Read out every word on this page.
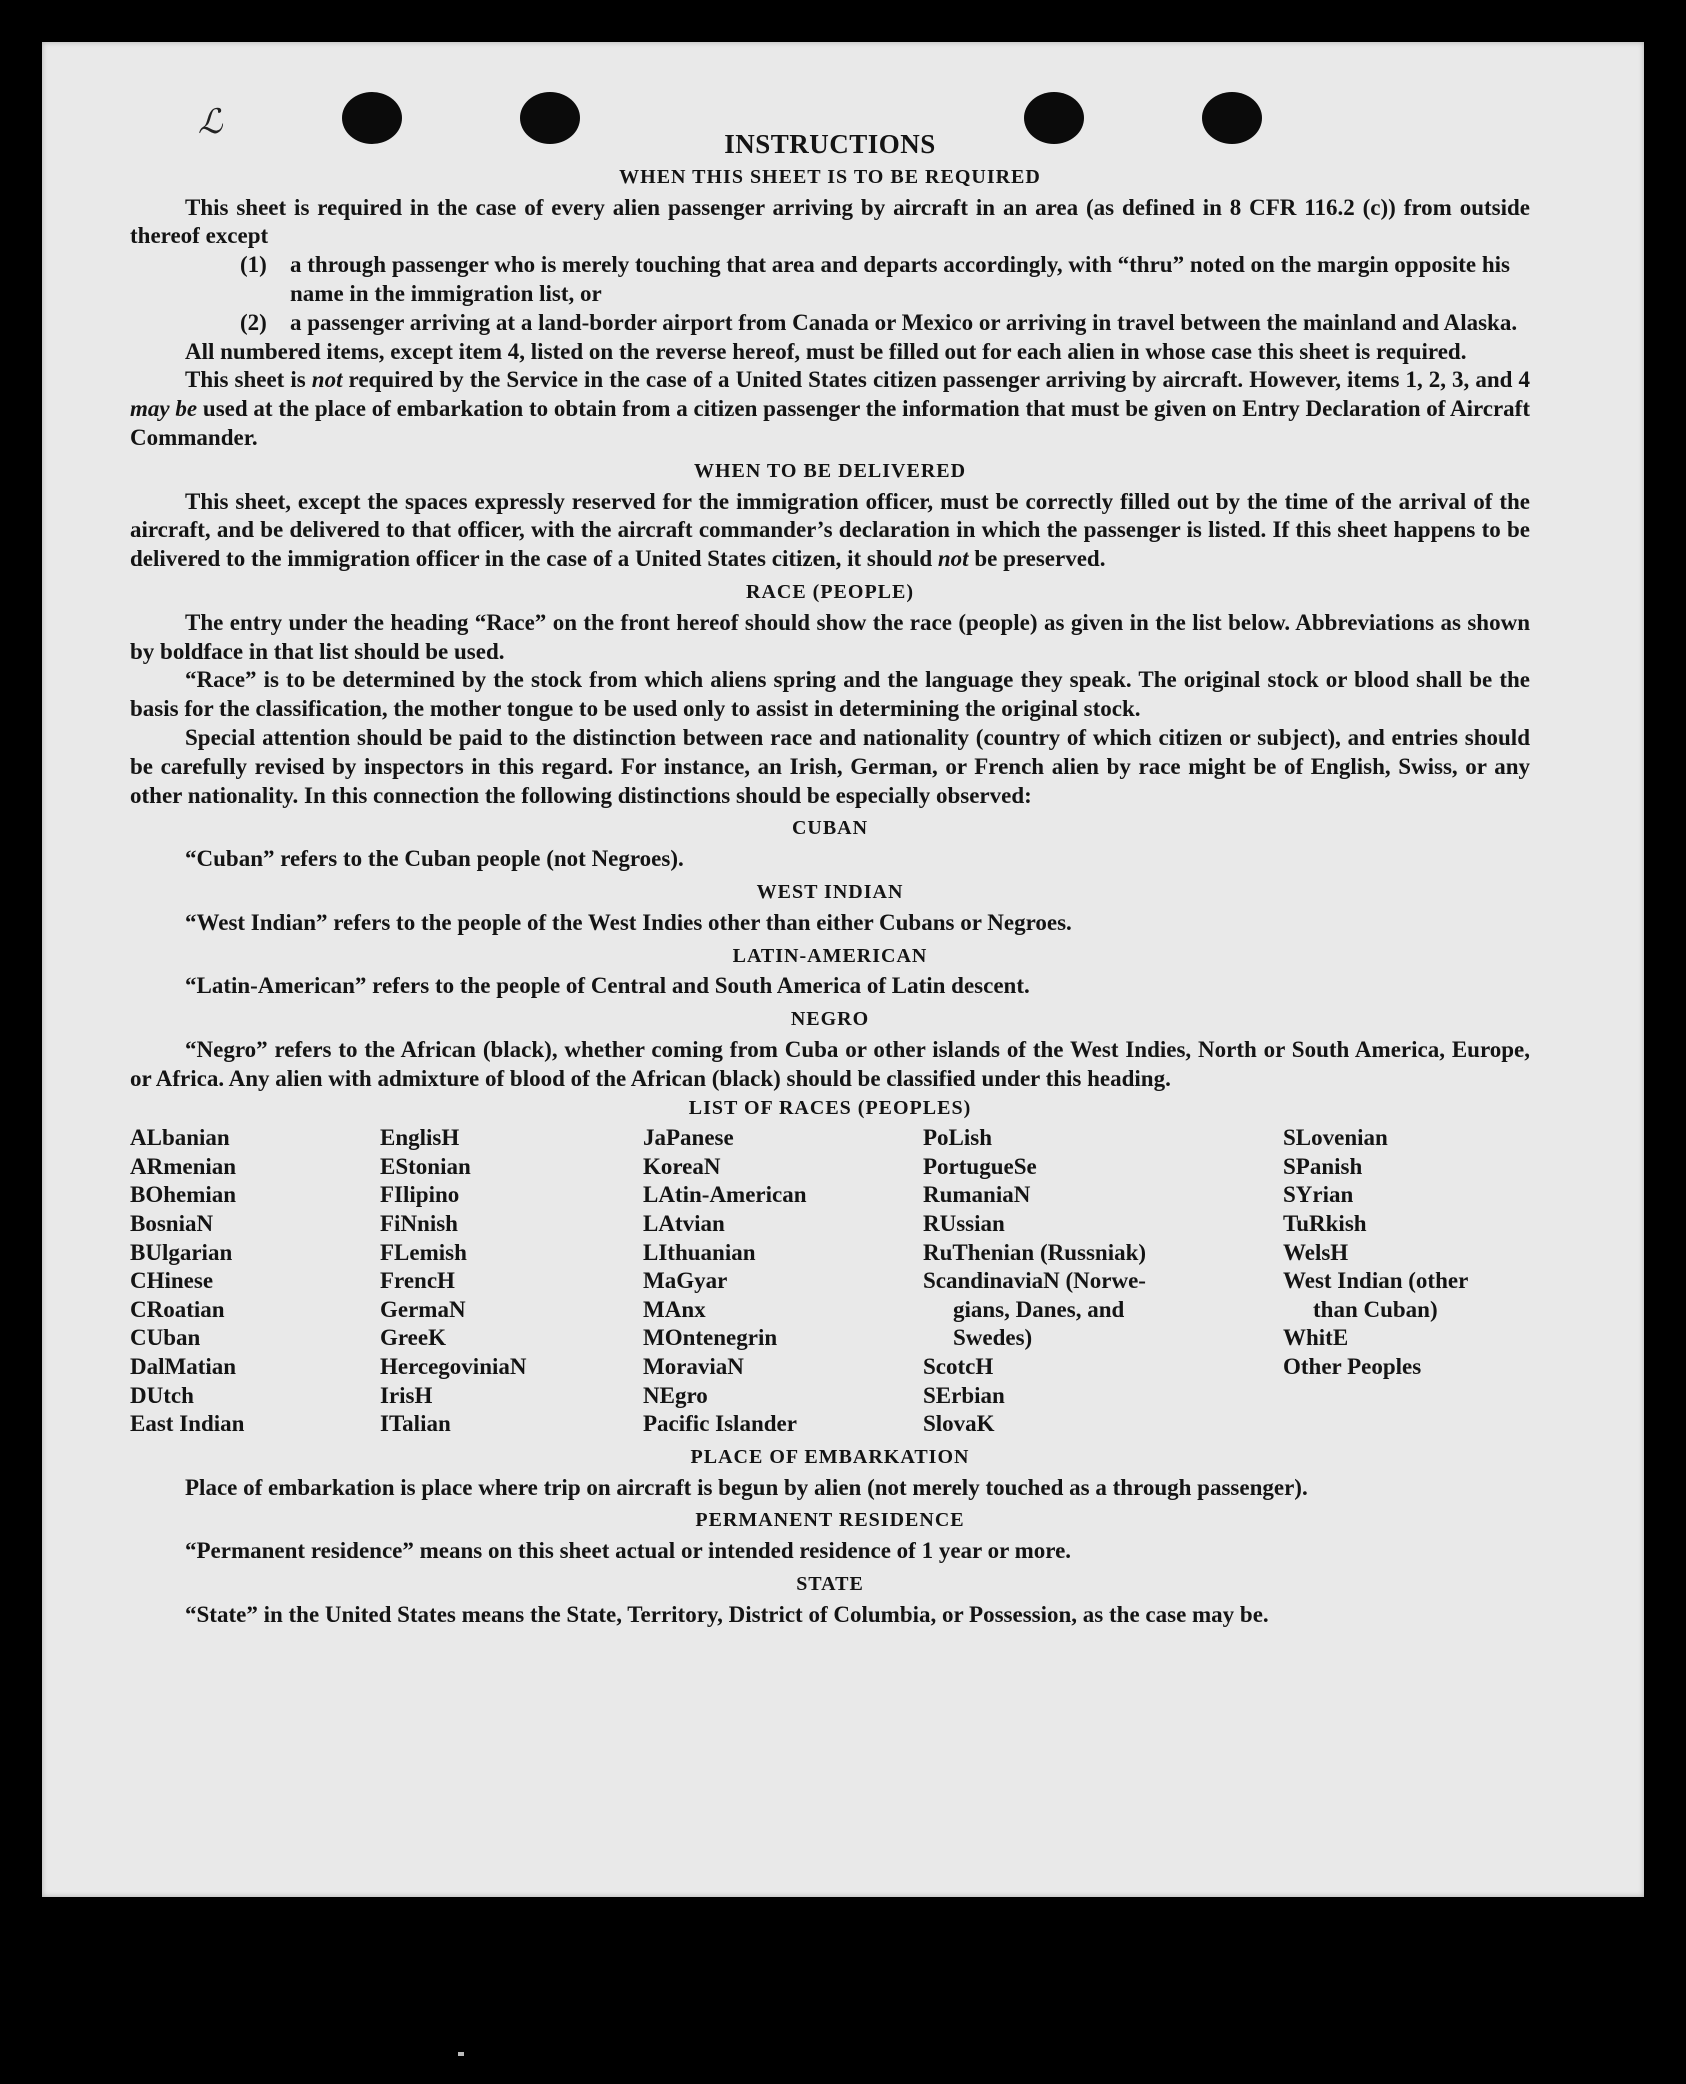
ℒ
INSTRUCTIONS
WHEN THIS SHEET IS TO BE REQUIRED

This sheet is required in the case of every alien passenger arriving by aircraft in an area (as defined in 8 CFR 116.2 (c)) from outside thereof except

(1)	a through passenger who is merely touching that area and departs accordingly, with “thru” noted on the margin opposite his name in the immigration list, or
(2)	a passenger arriving at a land-border airport from Canada or Mexico or arriving in travel between the mainland and Alaska.

All numbered items, except item 4, listed on the reverse hereof, must be filled out for each alien in whose case this sheet is required.

This sheet is not required by the Service in the case of a United States citizen passenger arriving by aircraft. However, items 1, 2, 3, and 4 may be used at the place of embarkation to obtain from a citizen passenger the information that must be given on Entry Declaration of Aircraft Commander.

WHEN TO BE DELIVERED

This sheet, except the spaces expressly reserved for the immigration officer, must be correctly filled out by the time of the arrival of the aircraft, and be delivered to that officer, with the aircraft commander’s declaration in which the passenger is listed. If this sheet happens to be delivered to the immigration officer in the case of a United States citizen, it should not be preserved.

RACE (PEOPLE)

The entry under the heading “Race” on the front hereof should show the race (people) as given in the list below. Abbreviations as shown by boldface in that list should be used.

“Race” is to be determined by the stock from which aliens spring and the language they speak. The original stock or blood shall be the basis for the classification, the mother tongue to be used only to assist in determining the original stock.

Special attention should be paid to the distinction between race and nationality (country of which citizen or subject), and entries should be carefully revised by inspectors in this regard. For instance, an Irish, German, or French alien by race might be of English, Swiss, or any other nationality. In this connection the following distinctions should be especially observed:

CUBAN

“Cuban” refers to the Cuban people (not Negroes).

WEST INDIAN

“West Indian” refers to the people of the West Indies other than either Cubans or Negroes.

LATIN-AMERICAN

“Latin-American” refers to the people of Central and South America of Latin descent.

NEGRO

“Negro” refers to the African (black), whether coming from Cuba or other islands of the West Indies, North or South America, Europe, or Africa. Any alien with admixture of blood of the African (black) should be classified under this heading.

LIST OF RACES (PEOPLES)
ALbanian
ARmenian
BOhemian
BosniaN
BUlgarian
CHinese
CRoatian
CUban
DalMatian
DUtch
East Indian
EnglisH
EStonian
FIlipino
FiNnish
FLemish
FrencH
GermaN
GreeK
HercegoviniaN
IrisH
ITalian
JaPanese
KoreaN
LAtin-American
LAtvian
LIthuanian
MaGyar
MAnx
MOntenegrin
MoraviaN
NEgro
Pacific Islander
PoLish
PortugueSe
RumaniaN
RUssian
RuThenian (Russniak)
ScandinaviaN (Norwe-
gians, Danes, and
Swedes)
ScotcH
SErbian
SlovaK
SLovenian
SPanish
SYrian
TuRkish
WelsH
West Indian (other
than Cuban)
WhitE
Other Peoples
PLACE OF EMBARKATION

Place of embarkation is place where trip on aircraft is begun by alien (not merely touched as a through passenger).

PERMANENT RESIDENCE

“Permanent residence” means on this sheet actual or intended residence of 1 year or more.

STATE

“State” in the United States means the State, Territory, District of Columbia, or Possession, as the case may be.
